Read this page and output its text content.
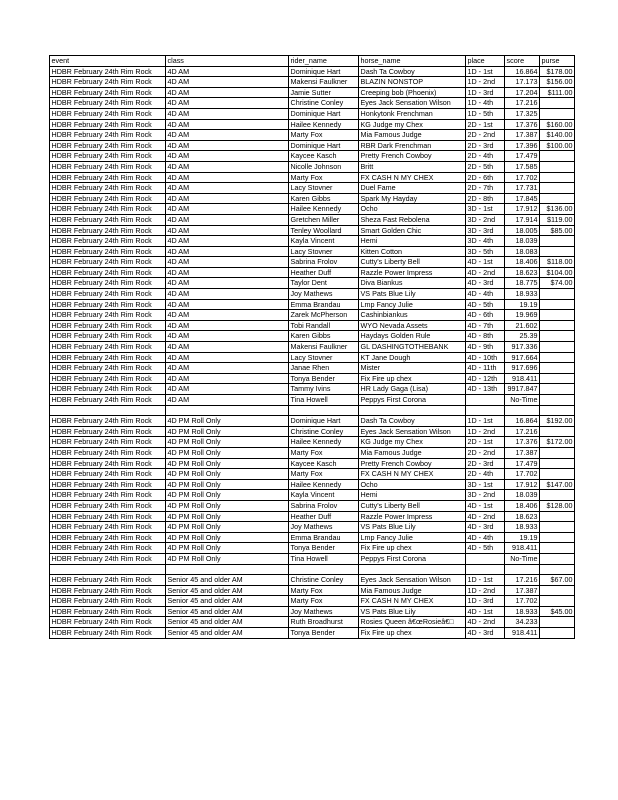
event	class	rider_name	horse_name	place	score	purse
HDBR February 24th Rim Rock	4D AM	Dominique Hart	Dash Ta Cowboy	1D - 1st	16.864	$178.00
HDBR February 24th Rim Rock	4D AM	Makensi Faulkner	BLAZIN NONSTOP	1D - 2nd	17.173	$156.00
HDBR February 24th Rim Rock	4D AM	Jamie Sutter	Creeping bob (Phoenix)	1D - 3rd	17.204	$111.00
HDBR February 24th Rim Rock	4D AM	Christine Conley	Eyes Jack Sensation Wilson	1D - 4th	17.216	
HDBR February 24th Rim Rock	4D AM	Dominique Hart	Honkytonk Frenchman	1D - 5th	17.325	
HDBR February 24th Rim Rock	4D AM	Hailee Kennedy	KG Judge my Chex	2D - 1st	17.376	$160.00
HDBR February 24th Rim Rock	4D AM	Marty Fox	Mia Famous Judge	2D - 2nd	17.387	$140.00
HDBR February 24th Rim Rock	4D AM	Dominique Hart	RBR Dark Frenchman	2D - 3rd	17.396	$100.00
HDBR February 24th Rim Rock	4D AM	Kaycee Kasch	Pretty French Cowboy	2D - 4th	17.479	
HDBR February 24th Rim Rock	4D AM	Nicolle Johnson	Britt	2D - 5th	17.585	
HDBR February 24th Rim Rock	4D AM	Marty Fox	FX CASH N MY CHEX	2D - 6th	17.702	
HDBR February 24th Rim Rock	4D AM	Lacy Stovner	Duel Fame	2D - 7th	17.731	
HDBR February 24th Rim Rock	4D AM	Karen Gibbs	Spark My Hayday	2D - 8th	17.845	
HDBR February 24th Rim Rock	4D AM	Hailee Kennedy	Ocho	3D - 1st	17.912	$136.00
HDBR February 24th Rim Rock	4D AM	Gretchen Miller	Sheza Fast Rebolena	3D - 2nd	17.914	$119.00
HDBR February 24th Rim Rock	4D AM	Tenley Woollard	Smart Golden Chic	3D - 3rd	18.005	$85.00
HDBR February 24th Rim Rock	4D AM	Kayla Vincent	Hemi	3D - 4th	18.039	
HDBR February 24th Rim Rock	4D AM	Lacy Stovner	Kitten Cotton	3D - 5th	18.083	
HDBR February 24th Rim Rock	4D AM	Sabrina Frolov	Cutty's Liberty Bell	4D - 1st	18.406	$118.00
HDBR February 24th Rim Rock	4D AM	Heather Duff	Razzle Power Impress	4D - 2nd	18.623	$104.00
HDBR February 24th Rim Rock	4D AM	Taylor Dent	Diva Biankus	4D - 3rd	18.775	$74.00
HDBR February 24th Rim Rock	4D AM	Joy Mathews	VS Pats Blue Lily	4D - 4th	18.933	
HDBR February 24th Rim Rock	4D AM	Emma Brandau	Lmp Fancy Julie	4D - 5th	19.19	
HDBR February 24th Rim Rock	4D AM	Zarek McPherson	Cashinbiankus	4D - 6th	19.969	
HDBR February 24th Rim Rock	4D AM	Tobi Randall	WYO Nevada Assets	4D - 7th	21.602	
HDBR February 24th Rim Rock	4D AM	Karen Gibbs	Haydays Golden Rule	4D - 8th	25.39	
HDBR February 24th Rim Rock	4D AM	Makensi Faulkner	GL DASHINGTOTHEBANK	4D - 9th	917.336	
HDBR February 24th Rim Rock	4D AM	Lacy Stovner	KT Jane Dough	4D - 10th	917.664	
HDBR February 24th Rim Rock	4D AM	Janae Rhen	Mister	4D - 11th	917.696	
HDBR February 24th Rim Rock	4D AM	Tonya Bender	Fix Fire up chex	4D - 12th	918.411	
HDBR February 24th Rim Rock	4D AM	Tammy Ivins	HR Lady Gaga (Lisa)	4D - 13th	9917.847	
HDBR February 24th Rim Rock	4D AM	Tina Howell	Peppys First Corona		No-Time	

HDBR February 24th Rim Rock	4D PM Roll Only	Dominique Hart	Dash Ta Cowboy	1D - 1st	16.864	$192.00
HDBR February 24th Rim Rock	4D PM Roll Only	Christine Conley	Eyes Jack Sensation Wilson	1D - 2nd	17.216	
HDBR February 24th Rim Rock	4D PM Roll Only	Hailee Kennedy	KG Judge my Chex	2D - 1st	17.376	$172.00
HDBR February 24th Rim Rock	4D PM Roll Only	Marty Fox	Mia Famous Judge	2D - 2nd	17.387	
HDBR February 24th Rim Rock	4D PM Roll Only	Kaycee Kasch	Pretty French Cowboy	2D - 3rd	17.479	
HDBR February 24th Rim Rock	4D PM Roll Only	Marty Fox	FX CASH N MY CHEX	2D - 4th	17.702	
HDBR February 24th Rim Rock	4D PM Roll Only	Hailee Kennedy	Ocho	3D - 1st	17.912	$147.00
HDBR February 24th Rim Rock	4D PM Roll Only	Kayla Vincent	Hemi	3D - 2nd	18.039	
HDBR February 24th Rim Rock	4D PM Roll Only	Sabrina Frolov	Cutty's Liberty Bell	4D - 1st	18.406	$128.00
HDBR February 24th Rim Rock	4D PM Roll Only	Heather Duff	Razzle Power Impress	4D - 2nd	18.623	
HDBR February 24th Rim Rock	4D PM Roll Only	Joy Mathews	VS Pats Blue Lily	4D - 3rd	18.933	
HDBR February 24th Rim Rock	4D PM Roll Only	Emma Brandau	Lmp Fancy Julie	4D - 4th	19.19	
HDBR February 24th Rim Rock	4D PM Roll Only	Tonya Bender	Fix Fire up chex	4D - 5th	918.411	
HDBR February 24th Rim Rock	4D PM Roll Only	Tina Howell	Peppys First Corona		No-Time	

HDBR February 24th Rim Rock	Senior 45 and older AM	Christine Conley	Eyes Jack Sensation Wilson	1D - 1st	17.216	$67.00
HDBR February 24th Rim Rock	Senior 45 and older AM	Marty Fox	Mia Famous Judge	1D - 2nd	17.387	
HDBR February 24th Rim Rock	Senior 45 and older AM	Marty Fox	FX CASH N MY CHEX	1D - 3rd	17.702	
HDBR February 24th Rim Rock	Senior 45 and older AM	Joy Mathews	VS Pats Blue Lily	4D - 1st	18.933	$45.00
HDBR February 24th Rim Rock	Senior 45 and older AM	Ruth Broadhurst	Rosies Queen â€œRosieâ€□	4D - 2nd	34.233	
HDBR February 24th Rim Rock	Senior 45 and older AM	Tonya Bender	Fix Fire up chex	4D - 3rd	918.411	
